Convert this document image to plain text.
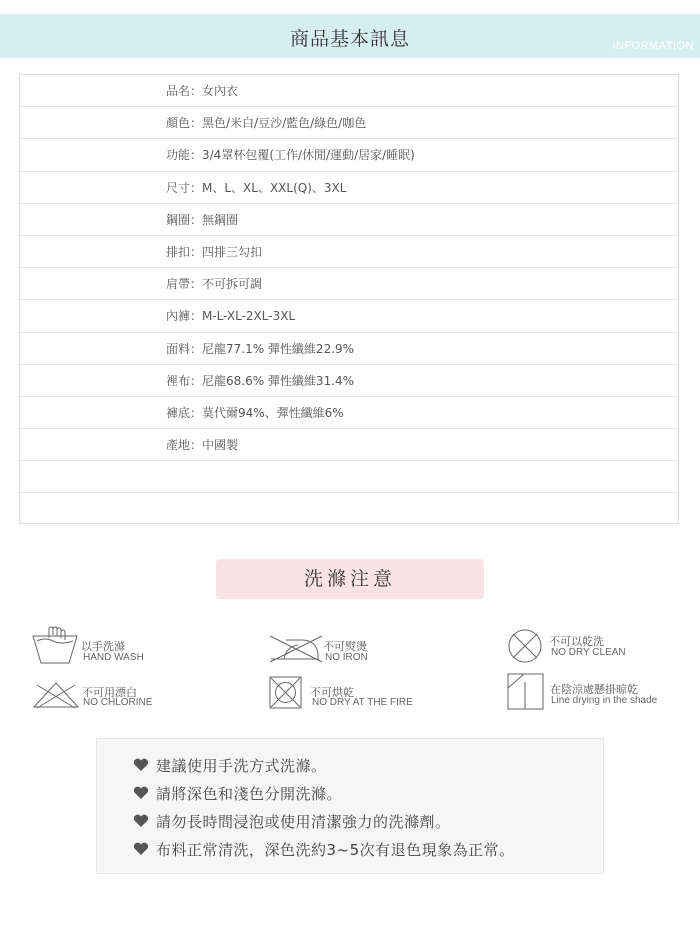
商品基本訊息	INFORMATION
品名 ： 女內衣
顏色 ： 黑色/米白/豆沙/藍色/綠色/咖色
功能 ： 3/4罩杯包覆(工作/休閒/運動/居家/睡眠)
尺寸 ： M、L、XL、XXL(Q)、3XL
鋼圈 ： 無鋼圈
排扣 ： 四排三勾扣
肩帶 ： 不可拆可調
內褲 ： M-L-XL-2XL-3XL
面料 ： 尼龍77.1% 彈性纖維22.9%
裡布 ： 尼龍68.6% 彈性纖維31.4%
褲底 ： 莫代爾94%、彈性纖維6%
產地 ： 中國製
洗滌注意
以手洗滌
HAND WASH
不可熨燙
NO IRON
不可以乾洗
NO DRY CLEAN
不可用漂白
NO CHLORINE
不可烘乾
NO DRY AT THE FIRE
在陰涼處懸掛晾乾
Line drying in the shade
建議使用手洗方式洗滌。
請將深色和淺色分開洗滌。
請勿長時間浸泡或使用清潔強力的洗滌劑。
布料正常清洗，深色洗約3~5次有退色現象為正常。
